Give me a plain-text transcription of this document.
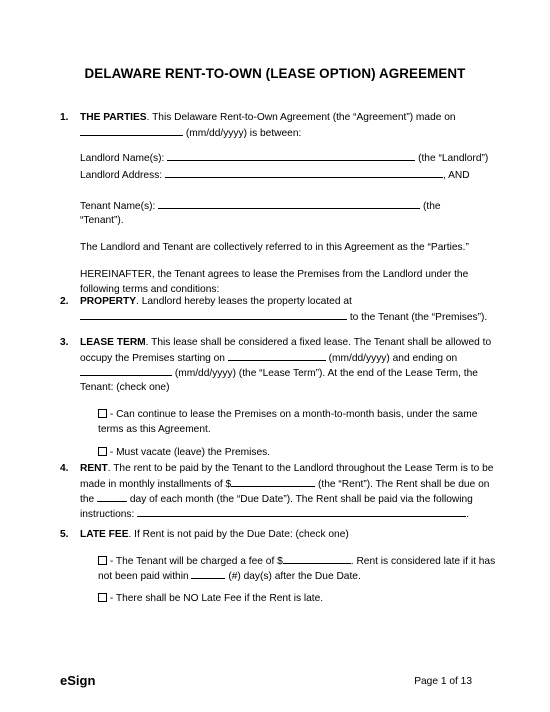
DELAWARE RENT-TO-OWN (LEASE OPTION) AGREEMENT
1.	THE PARTIES. This Delaware Rent-to-Own Agreement (the “Agreement”) made on
(mm/dd/yyyy) is between:
Landlord Name(s):	(the “Landlord”)
Landlord Address:	, AND
Tenant Name(s):	(the
“Tenant”).
The Landlord and Tenant are collectively referred to in this Agreement as the “Parties.”
HEREINAFTER, the Tenant agrees to lease the Premises from the Landlord under the
following terms and conditions:
2.	PROPERTY. Landlord hereby leases the property located at
to the Tenant (the “Premises”).
3.	LEASE TERM. This lease shall be considered a fixed lease. The Tenant shall be allowed to
occupy the Premises starting on	(mm/dd/yyyy) and ending on
(mm/dd/yyyy) (the “Lease Term”). At the end of the Lease Term, the
Tenant: (check one)
- Can continue to lease the Premises on a month-to-month basis, under the same
terms as this Agreement.
- Must vacate (leave) the Premises.
4.	RENT. The rent to be paid by the Tenant to the Landlord throughout the Lease Term is to be
made in monthly installments of $	(the “Rent”). The Rent shall be due on
the	day of each month (the “Due Date”). The Rent shall be paid via the following
instructions:	.
5.	LATE FEE. If Rent is not paid by the Due Date: (check one)
- The Tenant will be charged a fee of $	. Rent is considered late if it has
not been paid within	(#) day(s) after the Due Date.
- There shall be NO Late Fee if the Rent is late.
eSign	Page 1 of 13
